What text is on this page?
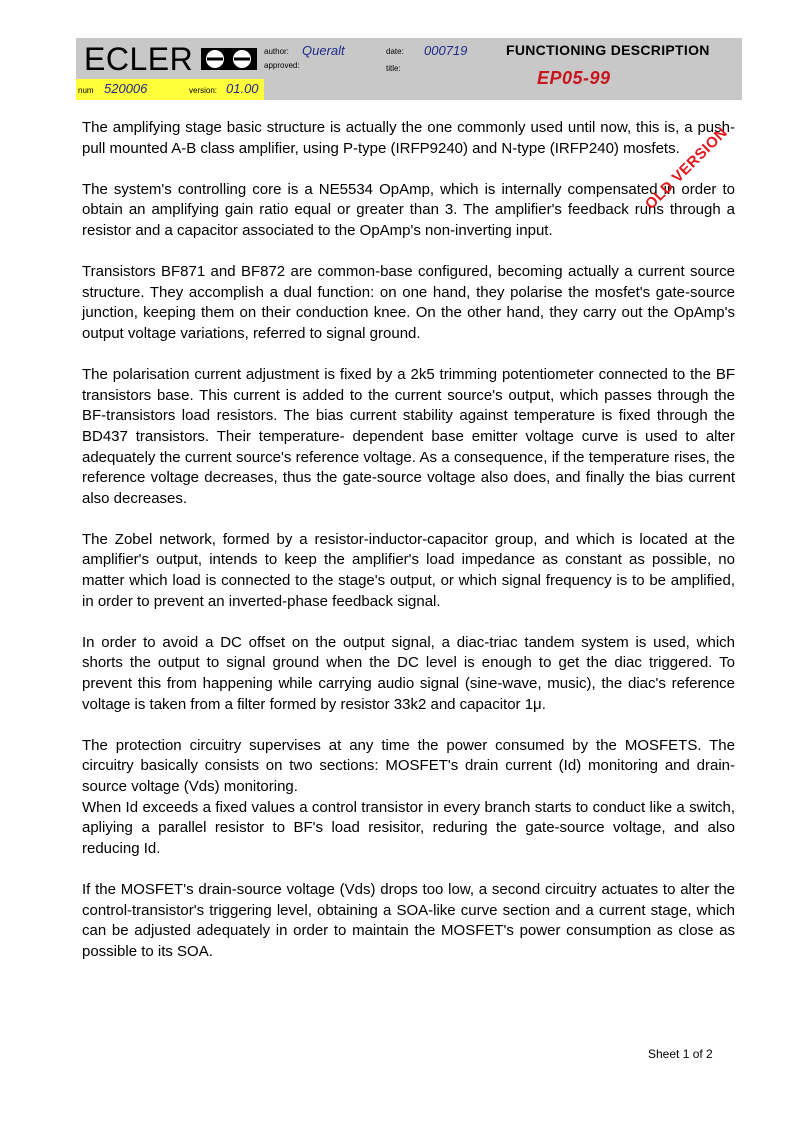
ECLER	author: Queralt
approved:
date: 000719
title:
FUNCTIONING DESCRIPTION
EP05-99
num 520006	version: 01.00

The amplifying stage basic structure is actually the one commonly used until now, this is, a push-pull mounted A-B class amplifier, using P-type (IRFP9240) and N-type (IRFP240) mosfets.

The system's controlling core is a NE5534 OpAmp, which is internally compensated in order to obtain an amplifying gain ratio equal or greater than 3. The amplifier's feedback runs through a resistor and a capacitor associated to the OpAmp's non-inverting input.

Transistors BF871 and BF872 are common-base configured, becoming actually a current source structure. They accomplish a dual function: on one hand, they polarise the mosfet's gate-source junction, keeping them on their conduction knee. On the other hand, they carry out the OpAmp's output voltage variations, referred to signal ground.

The polarisation current adjustment is fixed by a 2k5 trimming potentiometer connected to the BF transistors base. This current is added to the current source's output, which passes through the BF-transistors load resistors. The bias current stability against temperature is fixed through the BD437 transistors. Their temperature- dependent base emitter voltage curve is used to alter adequately the current source's reference voltage. As a consequence, if the temperature rises, the reference voltage decreases, thus the gate-source voltage also does, and finally the bias current also decreases.

The Zobel network, formed by a resistor-inductor-capacitor group, and which is located at the amplifier's output, intends to keep the amplifier's load impedance as constant as possible, no matter which load is connected to the stage's output, or which signal frequency is to be amplified, in order to prevent an inverted-phase feedback signal.

In order to avoid a DC offset on the output signal, a diac-triac tandem system is used, which shorts the output to signal ground when the DC level is enough to get the diac triggered. To prevent this from happening while carrying audio signal (sine-wave, music), the diac's reference voltage is taken from a filter formed by resistor 33k2 and capacitor 1μ.

The protection circuitry supervises at any time the power consumed by the MOSFETS. The circuitry basically consists on two sections: MOSFET's drain current (Id) monitoring and drain-source voltage (Vds) monitoring.

When Id exceeds a fixed values a control transistor in every branch starts to conduct like a switch, apliying a parallel resistor to BF's load resisitor, reduring the gate-source voltage, and also reducing Id.

If the MOSFET's drain-source voltage (Vds) drops too low, a second circuitry actuates to alter the   control-transistor's triggering level, obtaining a SOA-like curve section and a current stage, which can be adjusted adequately in order to maintain the MOSFET's power consumption as close as possible to its SOA.

OLD VERSION
Sheet 1 of 2
